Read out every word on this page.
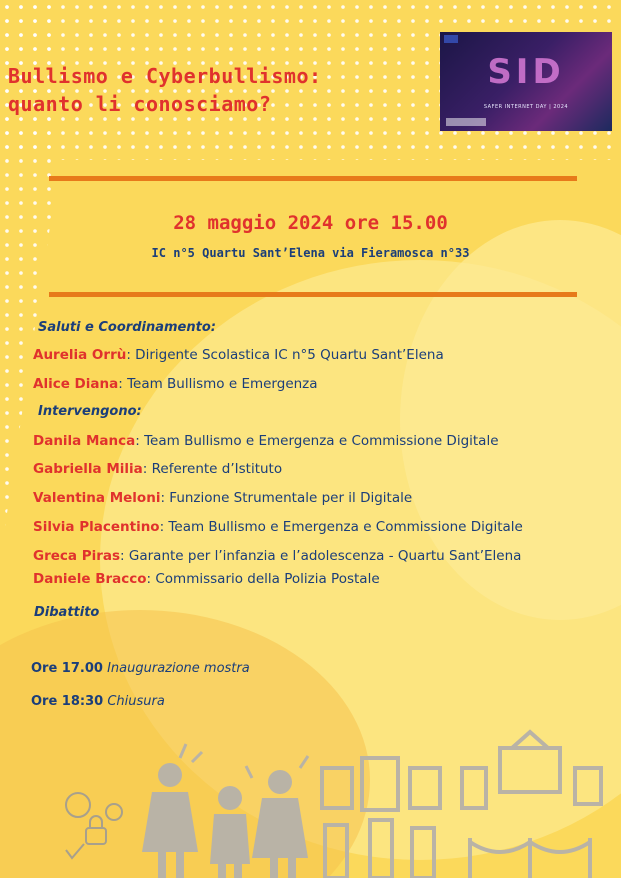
Bullismo e Cyberbullismo:
quanto li conosciamo?
SID
SAFER INTERNET DAY | 2024
28 maggio 2024 ore 15.00
IC n°5 Quartu Sant’Elena via Fieramosca n°33
Saluti e Coordinamento:
Aurelia Orrù: Dirigente Scolastica IC n°5 Quartu Sant’Elena
Alice Diana: Team Bullismo e Emergenza
Intervengono:
Danila Manca: Team Bullismo e Emergenza e Commissione Digitale
Gabriella Milia: Referente d’Istituto
Valentina Meloni: Funzione Strumentale per il Digitale
Silvia Placentino: Team Bullismo e Emergenza e Commissione Digitale
Greca Piras: Garante per l’infanzia e l’adolescenza - Quartu Sant’Elena
Daniele Bracco: Commissario della Polizia Postale
Dibattito
Ore 17.00 Inaugurazione mostra
Ore 18:30 Chiusura
